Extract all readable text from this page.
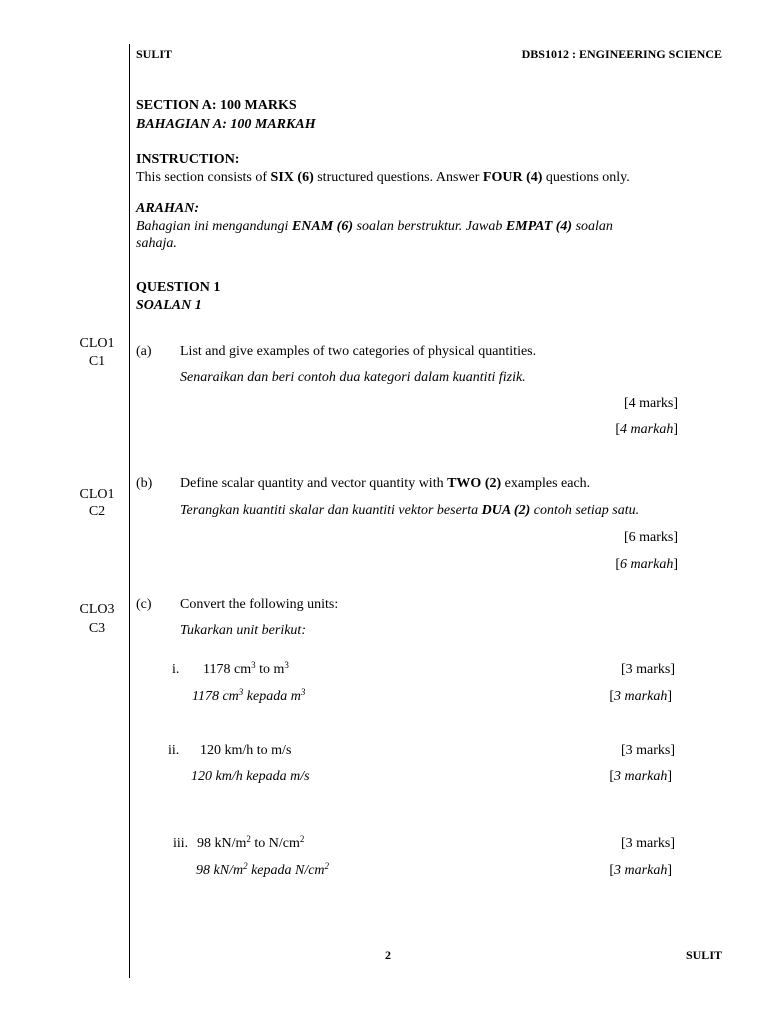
SULIT	DBS1012 : ENGINEERING SCIENCE
SECTION A: 100 MARKS
BAHAGIAN A: 100 MARKAH
INSTRUCTION:
This section consists of SIX (6) structured questions. Answer FOUR (4) questions only.
ARAHAN:
Bahagian ini mengandungi ENAM (6) soalan berstruktur. Jawab EMPAT (4) soalan
sahaja.
QUESTION 1
SOALAN 1
CLO1
C1
(a) List and give examples of two categories of physical quantities.
Senaraikan dan beri contoh dua kategori dalam kuantiti fizik.
[4 marks]
[4 markah]
CLO1
C2
(b) Define scalar quantity and vector quantity with TWO (2) examples each.
Terangkan kuantiti skalar dan kuantiti vektor beserta DUA (2) contoh setiap satu.
[6 marks]
[6 markah]
CLO3
C3
(c) Convert the following units:
Tukarkan unit berikut:
i. 1178 $cm^3$ to $m^3$
1178 $cm^3$ kepada $m^3$
[3 marks]
[3 markah]
ii. 120 km/h to m/s
120 km/h kepada m/s
[3 marks]
[3 markah]
iii. 98 $kN/m^2$ to $N/cm^2$
98 $kN/m^2$ kepada $N/cm^2$
[3 marks]
[3 markah]
2	SULIT
